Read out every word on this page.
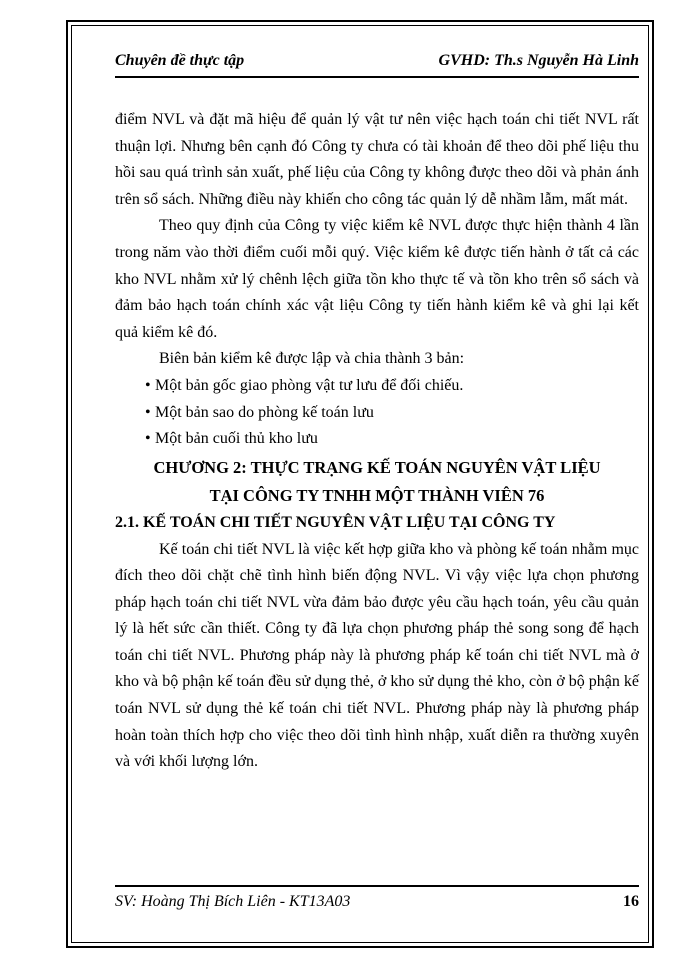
Chuyên đề thực tập	GVHD: Th.s Nguyễn Hà Linh

điểm NVL và đặt mã hiệu để quản lý vật tư nên việc hạch toán chi tiết NVL rất thuận lợi. Nhưng bên cạnh đó Công ty chưa có tài khoản để theo dõi phế liệu thu hồi sau quá trình sản xuất, phế liệu của Công ty không được theo dõi và phản ánh trên sổ sách. Những điều này khiến cho công tác quản lý dễ nhầm lẫm, mất mát.

Theo quy định của Công ty việc kiểm kê NVL được thực hiện thành 4 lần trong năm vào thời điểm cuối mỗi quý. Việc kiểm kê được tiến hành ở tất cả các kho NVL nhằm xử lý chênh lệch giữa tồn kho thực tế và tồn kho trên sổ sách và đảm bảo hạch toán chính xác vật liệu Công ty tiến hành kiểm kê và ghi lại kết quả kiểm kê đó.

Biên bản kiểm kê được lập và chia thành 3 bản:

• Một bản gốc giao phòng vật tư lưu để đối chiếu.

• Một bản sao do phòng kế toán lưu

• Một bản cuối thủ kho lưu

CHƯƠNG 2: THỰC TRẠNG KẾ TOÁN NGUYÊN VẬT LIỆU

TẠI CÔNG TY TNHH MỘT THÀNH VIÊN 76

2.1. KẾ TOÁN CHI TIẾT NGUYÊN VẬT LIỆU TẠI CÔNG TY

Kế toán chi tiết NVL là việc kết hợp giữa kho và phòng kế toán nhằm mục đích theo dõi chặt chẽ tình hình biến động NVL. Vì vậy việc lựa chọn phương pháp hạch toán chi tiết NVL vừa đảm bảo được yêu cầu hạch toán, yêu cầu quản lý là hết sức cần thiết. Công ty đã lựa chọn phương pháp thẻ song song để hạch toán chi tiết NVL. Phương pháp này là phương pháp kế toán chi tiết NVL mà ở kho và bộ phận kế toán đều sử dụng thẻ, ở kho sử dụng thẻ kho, còn ở bộ phận kế toán NVL sử dụng thẻ kế toán chi tiết NVL. Phương pháp này là phương pháp hoàn toàn thích hợp cho việc theo dõi tình hình nhập, xuất diễn ra thường xuyên và với khối lượng lớn.

SV: Hoàng Thị Bích Liên - KT13A03	16
